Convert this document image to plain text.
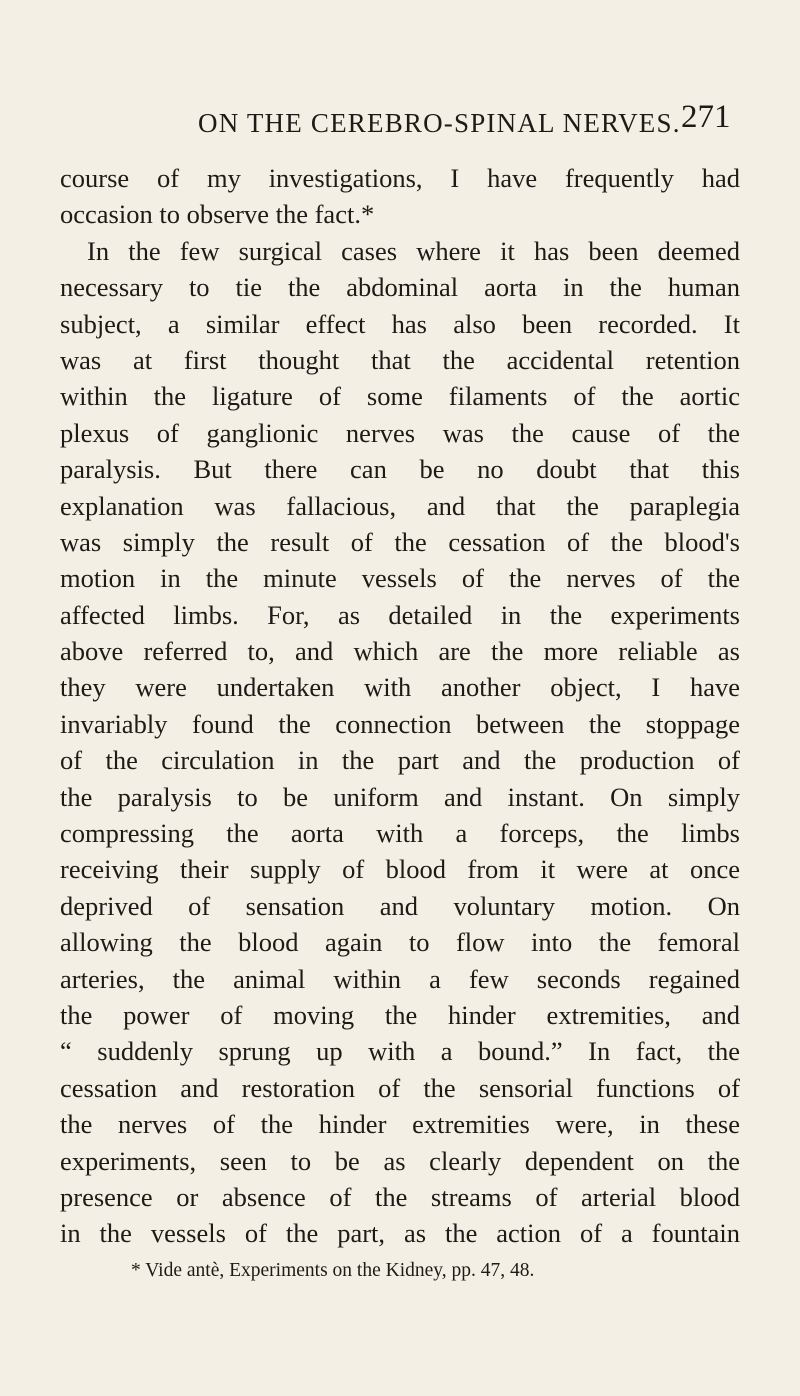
ON THE CEREBRO-SPINAL NERVES. 271
course of my investigations, I have frequently had
occasion to observe the fact.*
In the few surgical cases where it has been deemed
necessary to tie the abdominal aorta in the human
subject, a similar effect has also been recorded. It
was at first thought that the accidental retention
within the ligature of some filaments of the aortic
plexus of ganglionic nerves was the cause of the
paralysis. But there can be no doubt that this
explanation was fallacious, and that the paraplegia
was simply the result of the cessation of the blood's
motion in the minute vessels of the nerves of the
affected limbs. For, as detailed in the experiments
above referred to, and which are the more reliable as
they were undertaken with another object, I have
invariably found the connection between the stoppage
of the circulation in the part and the production of
the paralysis to be uniform and instant. On simply
compressing the aorta with a forceps, the limbs
receiving their supply of blood from it were at once
deprived of sensation and voluntary motion. On
allowing the blood again to flow into the femoral
arteries, the animal within a few seconds regained
the power of moving the hinder extremities, and
“ suddenly sprung up with a bound.” In fact, the
cessation and restoration of the sensorial functions of
the nerves of the hinder extremities were, in these
experiments, seen to be as clearly dependent on the
presence or absence of the streams of arterial blood
in the vessels of the part, as the action of a fountain
* Vide antè, Experiments on the Kidney, pp. 47, 48.
